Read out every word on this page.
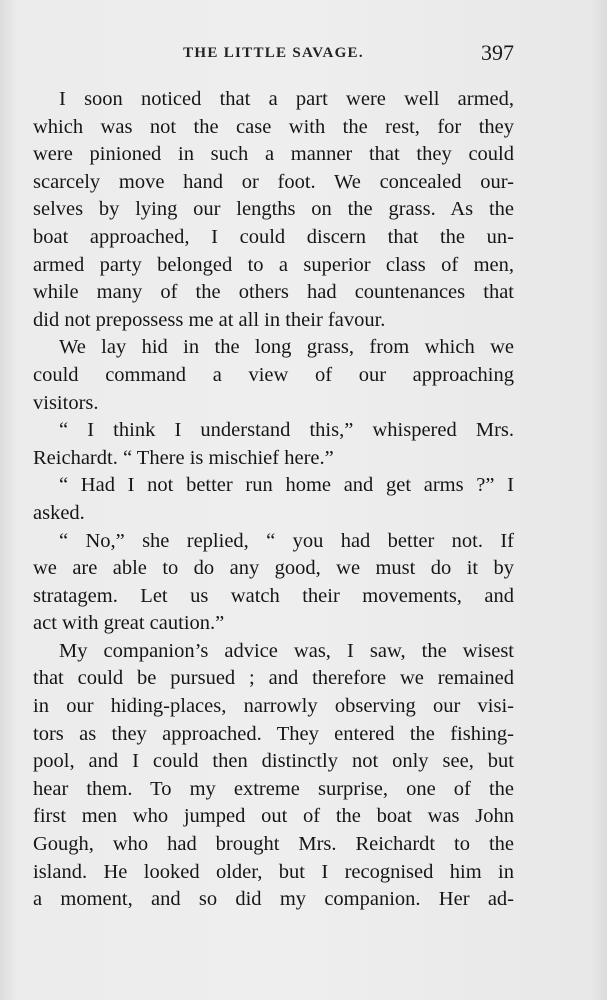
THE LITTLE SAVAGE.	397

I soon noticed that a part were well armed,
which was not the case with the rest, for they
were pinioned in such a manner that they could
scarcely move hand or foot. We concealed our-
selves by lying our lengths on the grass. As the
boat approached, I could discern that the un-
armed party belonged to a superior class of men,
while many of the others had countenances that
did not prepossess me at all in their favour.

We lay hid in the long grass, from which we
could command a view of our approaching
visitors.

“ I think I understand this,” whispered Mrs.
Reichardt. “ There is mischief here.”

“ Had I not better run home and get arms ?” I
asked.

“ No,” she replied, “ you had better not. If
we are able to do any good, we must do it by
stratagem. Let us watch their movements, and
act with great caution.”

My companion’s advice was, I saw, the wisest
that could be pursued ; and therefore we remained
in our hiding-places, narrowly observing our visi-
tors as they approached. They entered the fishing-
pool, and I could then distinctly not only see, but
hear them. To my extreme surprise, one of the
first men who jumped out of the boat was John
Gough, who had brought Mrs. Reichardt to the
island. He looked older, but I recognised him in
a moment, and so did my companion. Her ad-
